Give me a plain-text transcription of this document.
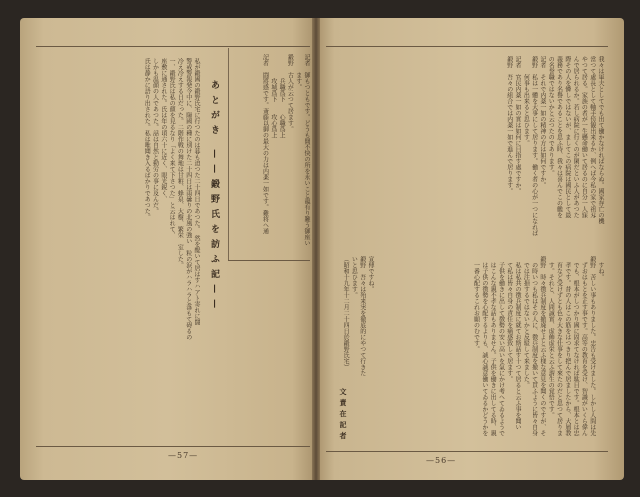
私が鍛國の鍛野氏宅に行つたのは暮も迫つた二十四日であつた。　然を醍いて居はすハアト寄れに闘
警戒警報発令中に、陽國の種に別けた二十四日は雨曇りの北風の強い　粒の涙がハラハラと落もて碍るの
冷え冷えする日だった。二階作戦の舞地は甘粧、蜂泉、大樹、繁栄　室した。
一、鍛野氏は私の顔を見るなり「よく来て下さつた」と云はれて、
座敷に通された。氏は年の頃六十に近く、眼光鋭く、
しかも温顔の人であつた。話は自然と勤労の事に及んだ。
氏は静かに語り出された。私は唯聞き入るばかりであつた。	あとがき ——鍛野氏を訪ふ記——	記者　御もつともです。どうも開不快の所を永いこと龍有り難う御座い
　　　ます。
鍛野　古人が云つて居ます。
　　　　兵職爲下　　心職爲上
　　　　攻城爲下　　攻心爲上
記者　闘將感です。斎藤以御の最大の力は内薬一如です。難将へ通
—57—
我々は軍夫としてでも出て働かなければならぬ。國家存亡の機
當つて處長として軸手傍観出来るか、例へば今私の家で祖刄
やつて居る。家族の者が一生懸命働いて居るのに自分一人寐
んで居られるか。若し病院に行くのが閑だといふ人があつた
際その人を憐しではないが、ましてこの病院は國民として最
義務であり名譽であることを思ふ時、我々は喜んでこの艦を
の名誉職ではないかと云つたのであります。
記者　それで内薬一如の精神の方は如何ですか。
鍛野　私は一體を大事にして居ります。働く者の心が一つになれば
　　　何事も出来ると思ひます。
記者　官民内薬一如の實は如何に目指す處ですか。
鍛野　吾々の組合では内薬一如で進んで居ります。
　すね。
鍛野　苦しい事もありました。忠告も受けました。しかし人間は先
　ずおはもとを正す事です。高等の教育を受け、智識がいくら偉ん
　でも、根本がしつかり國に固求てなければ駄目です。根本とは忠
　孝です。昔の人はこの筋をはつきり把んで居ましたから、大層教
　育など受けずとも色々大きな仕事をして來たのだと思つて居りま
　す。それと、人間誠實、虚飾虚栄と云ふ謂生の覚悟です。
鍛野　時々徴兵制度を撤廃せよと云ふ様な意見を聞くのですが、そ
　の時いつも私はその人に、徴兵制度を撤いて貰ふように皆々自身
　では注損するではないかと反駁して来ました。
　私は私共の徴兵制度に就てお斯話す十つて居ると云ふ事を聞い
　て私は皆々自身の責任を痛感致して居ます。
　子供を働きに出して徴勢の安い高いを氣にかけ考へてゐるようで
　はこんな親不孝な話もありません。子供を働きに出してる時、親
　は子供の徴勢を心配するよりも、誠心誠意働いてゐるかどうかを
　一番心配するこれお願のむです。
宣傳ですね。
鍛野　吾々は殆来実を徹底的にやつて行きたいと思ひます。
（昭和十九年十二月二十四日於鍛野氏宅）
文責在記者
—56—
